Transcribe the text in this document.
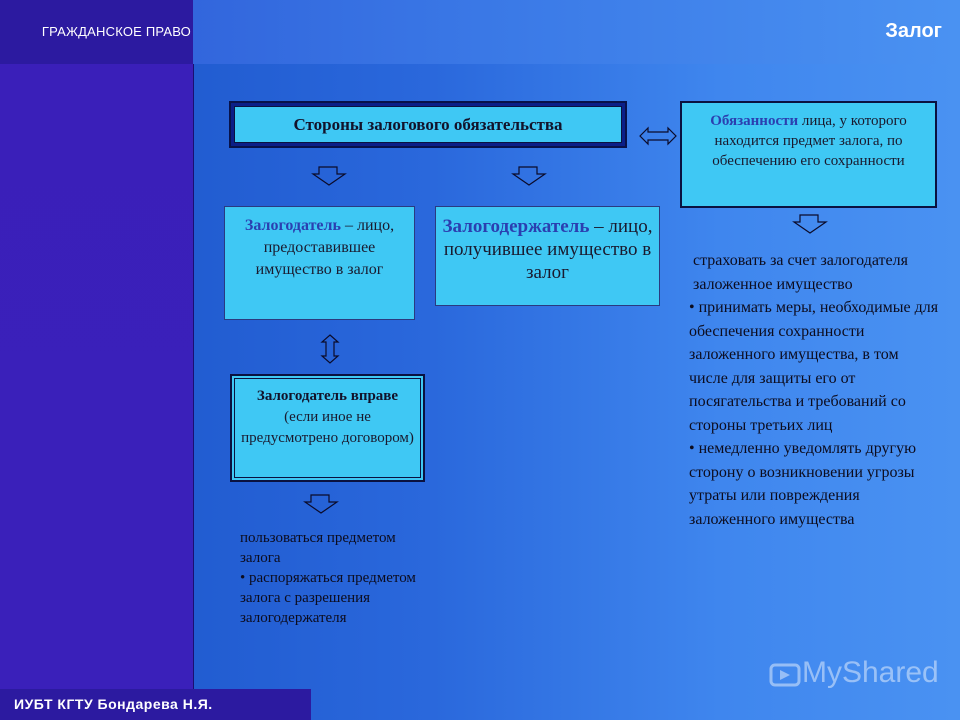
ГРАЖДАНСКОЕ ПРАВО	Залог
Стороны залогового обязательства	Обязанности лица, у которого находится предмет залога, по обеспечению его сохранности
Залогодатель – лицо, предоставившее имущество в залог
Залогодержатель – лицо, получившее имущество в залог
Залогодатель вправе (если иное не предусмотрено договором)
пользоваться предметом залога
• распоряжаться предметом залога с разрешения залогодержателя
страховать за счет залогодателя заложенное имущество
• принимать меры, необходимые для обеспечения сохранности заложенного имущества, в том числе для защиты его от посягательства и требований со стороны третьих лиц
• немедленно уведомлять другую сторону о возникновении угрозы утраты или повреждения заложенного имущества
ИУБТ КГТУ Бондарева Н.Я.
MyShared
